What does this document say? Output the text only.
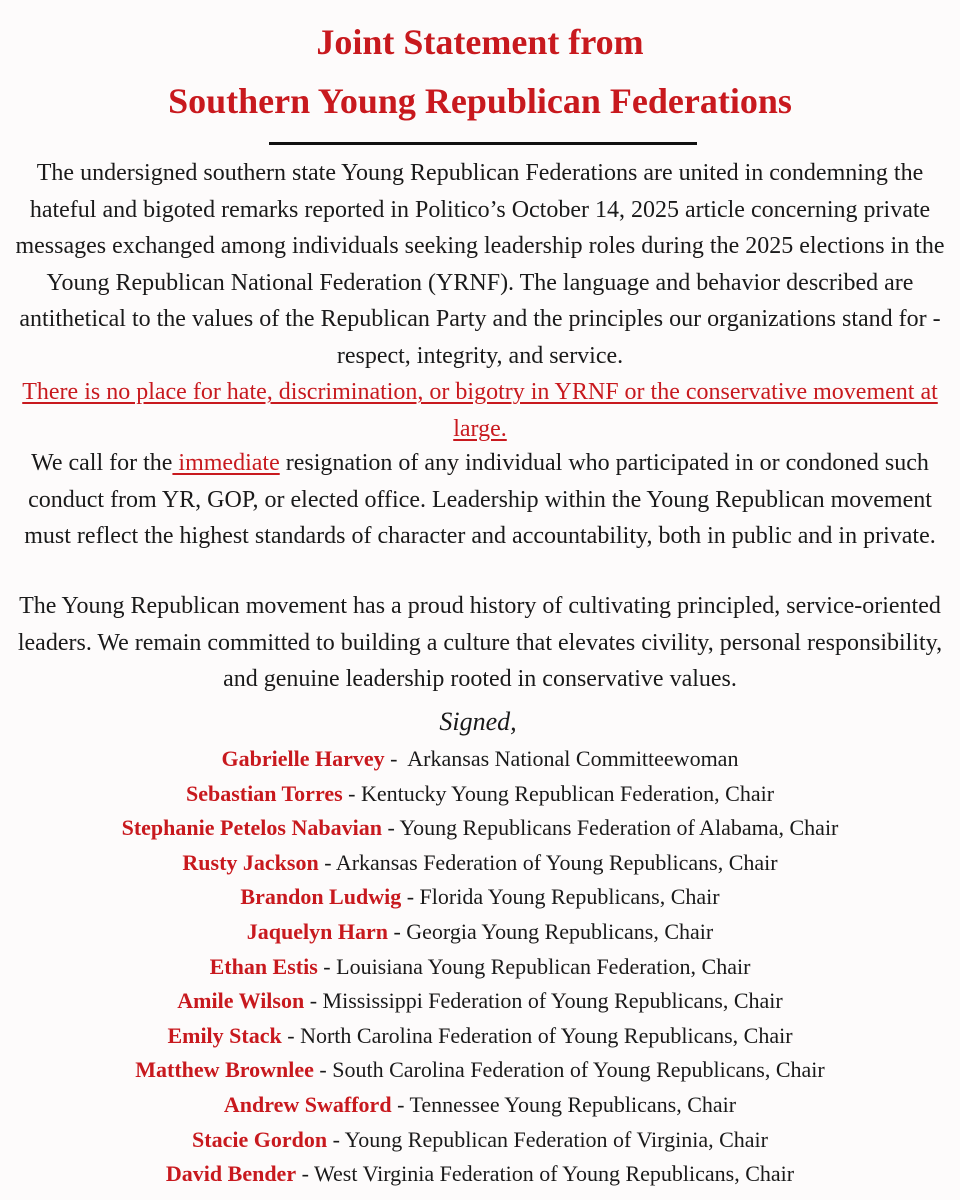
Joint Statement from
Southern Young Republican Federations

The undersigned southern state Young Republican Federations are united in condemning the hateful and bigoted remarks reported in Politico’s October 14, 2025 article concerning private messages exchanged among individuals seeking leadership roles during the 2025 elections in the Young Republican National Federation (YRNF). The language and behavior described are antithetical to the values of the Republican Party and the principles our organizations stand for - respect, integrity, and service.
There is no place for hate, discrimination, or bigotry in YRNF or the conservative movement at large.

We call for the immediate resignation of any individual who participated in or condoned such conduct from YR, GOP, or elected office. Leadership within the Young Republican movement must reflect the highest standards of character and accountability, both in public and in private.

The Young Republican movement has a proud history of cultivating principled, service-oriented leaders. We remain committed to building a culture that elevates civility, personal responsibility, and genuine leadership rooted in conservative values.

Signed,
Gabrielle Harvey -  Arkansas National Committeewoman
Sebastian Torres - Kentucky Young Republican Federation, Chair
Stephanie Petelos Nabavian - Young Republicans Federation of Alabama, Chair
Rusty Jackson - Arkansas Federation of Young Republicans, Chair
Brandon Ludwig - Florida Young Republicans, Chair
Jaquelyn Harn - Georgia Young Republicans, Chair
Ethan Estis - Louisiana Young Republican Federation, Chair
Amile Wilson - Mississippi Federation of Young Republicans, Chair
Emily Stack - North Carolina Federation of Young Republicans, Chair
Matthew Brownlee - South Carolina Federation of Young Republicans, Chair
Andrew Swafford - Tennessee Young Republicans, Chair
Stacie Gordon - Young Republican Federation of Virginia, Chair
David Bender - West Virginia Federation of Young Republicans, Chair
